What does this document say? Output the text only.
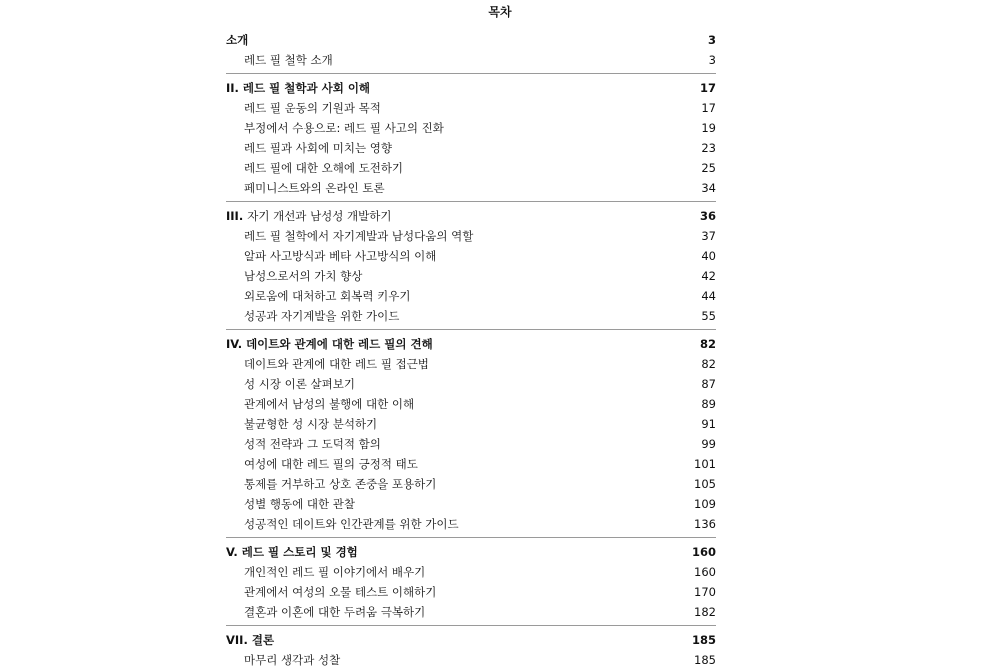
목차
소개	3
레드 필 철학 소개	3
II. 레드 필 철학과 사회 이해	17
레드 필 운동의 기원과 목적	17
부정에서 수용으로: 레드 필 사고의 진화	19
레드 필과 사회에 미치는 영향	23
레드 필에 대한 오해에 도전하기	25
페미니스트와의 온라인 토론	34
III. 자기 개선과 남성성 개발하기	36
레드 필 철학에서 자기계발과 남성다움의 역할	37
알파 사고방식과 베타 사고방식의 이해	40
남성으로서의 가치 향상	42
외로움에 대처하고 회복력 키우기	44
성공과 자기계발을 위한 가이드	55
IV. 데이트와 관계에 대한 레드 필의 견해	82
데이트와 관계에 대한 레드 필 접근법	82
성 시장 이론 살펴보기	87
관계에서 남성의 불행에 대한 이해	89
불균형한 성 시장 분석하기	91
성적 전략과 그 도덕적 함의	99
여성에 대한 레드 필의 긍정적 태도	101
통제를 거부하고 상호 존중을 포용하기	105
성별 행동에 대한 관찰	109
성공적인 데이트와 인간관계를 위한 가이드	136
V. 레드 필 스토리 및 경험	160
개인적인 레드 필 이야기에서 배우기	160
관계에서 여성의 오물 테스트 이해하기	170
결혼과 이혼에 대한 두려움 극복하기	182
VII. 결론	185
마무리 생각과 성찰	185
